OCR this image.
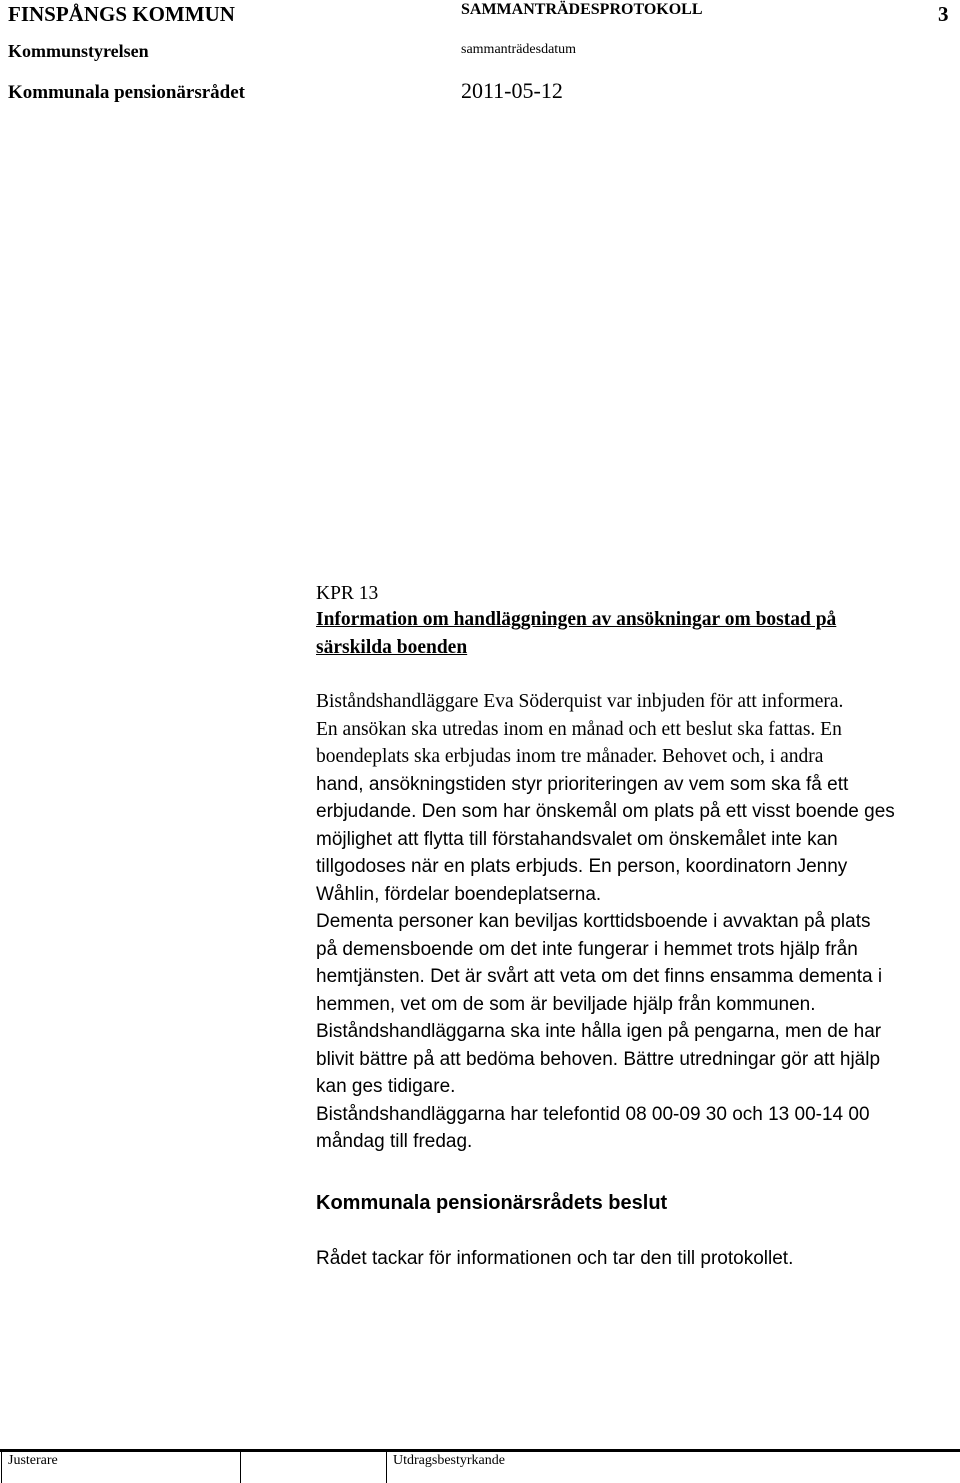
FINSPÅNGS KOMMUN	SAMMANTRÄDESPROTOKOLL	3
Kommunstyrelsen	sammanträdesdatum
Kommunala pensionärsrådet	2011-05-12
KPR 13
Information om handläggningen av ansökningar om bostad på
särskilda boenden
Biståndshandläggare Eva Söderquist var inbjuden för att informera.
En ansökan ska utredas inom en månad och ett beslut ska fattas. En
boendeplats ska erbjudas inom tre månader. Behovet och, i andra
hand, ansökningstiden styr prioriteringen av vem som ska få ett
erbjudande. Den som har önskemål om plats på ett visst boende ges
möjlighet att flytta till förstahandsvalet om önskemålet inte kan
tillgodoses när en plats erbjuds. En person, koordinatorn Jenny
Wåhlin, fördelar boendeplatserna.
Dementa personer kan beviljas korttidsboende i avvaktan på plats
på demensboende om det inte fungerar i hemmet trots hjälp från
hemtjänsten. Det är svårt att veta om det finns ensamma dementa i
hemmen, vet om de som är beviljade hjälp från kommunen.
Biståndshandläggarna ska inte hålla igen på pengarna, men de har
blivit bättre på att bedöma behoven. Bättre utredningar gör att hjälp
kan ges tidigare.
Biståndshandläggarna har telefontid 08 00-09 30 och 13 00-14 00
måndag till fredag.
Kommunala pensionärsrådets beslut
Rådet tackar för informationen och tar den till protokollet.
Justerare	Utdragsbestyrkande
